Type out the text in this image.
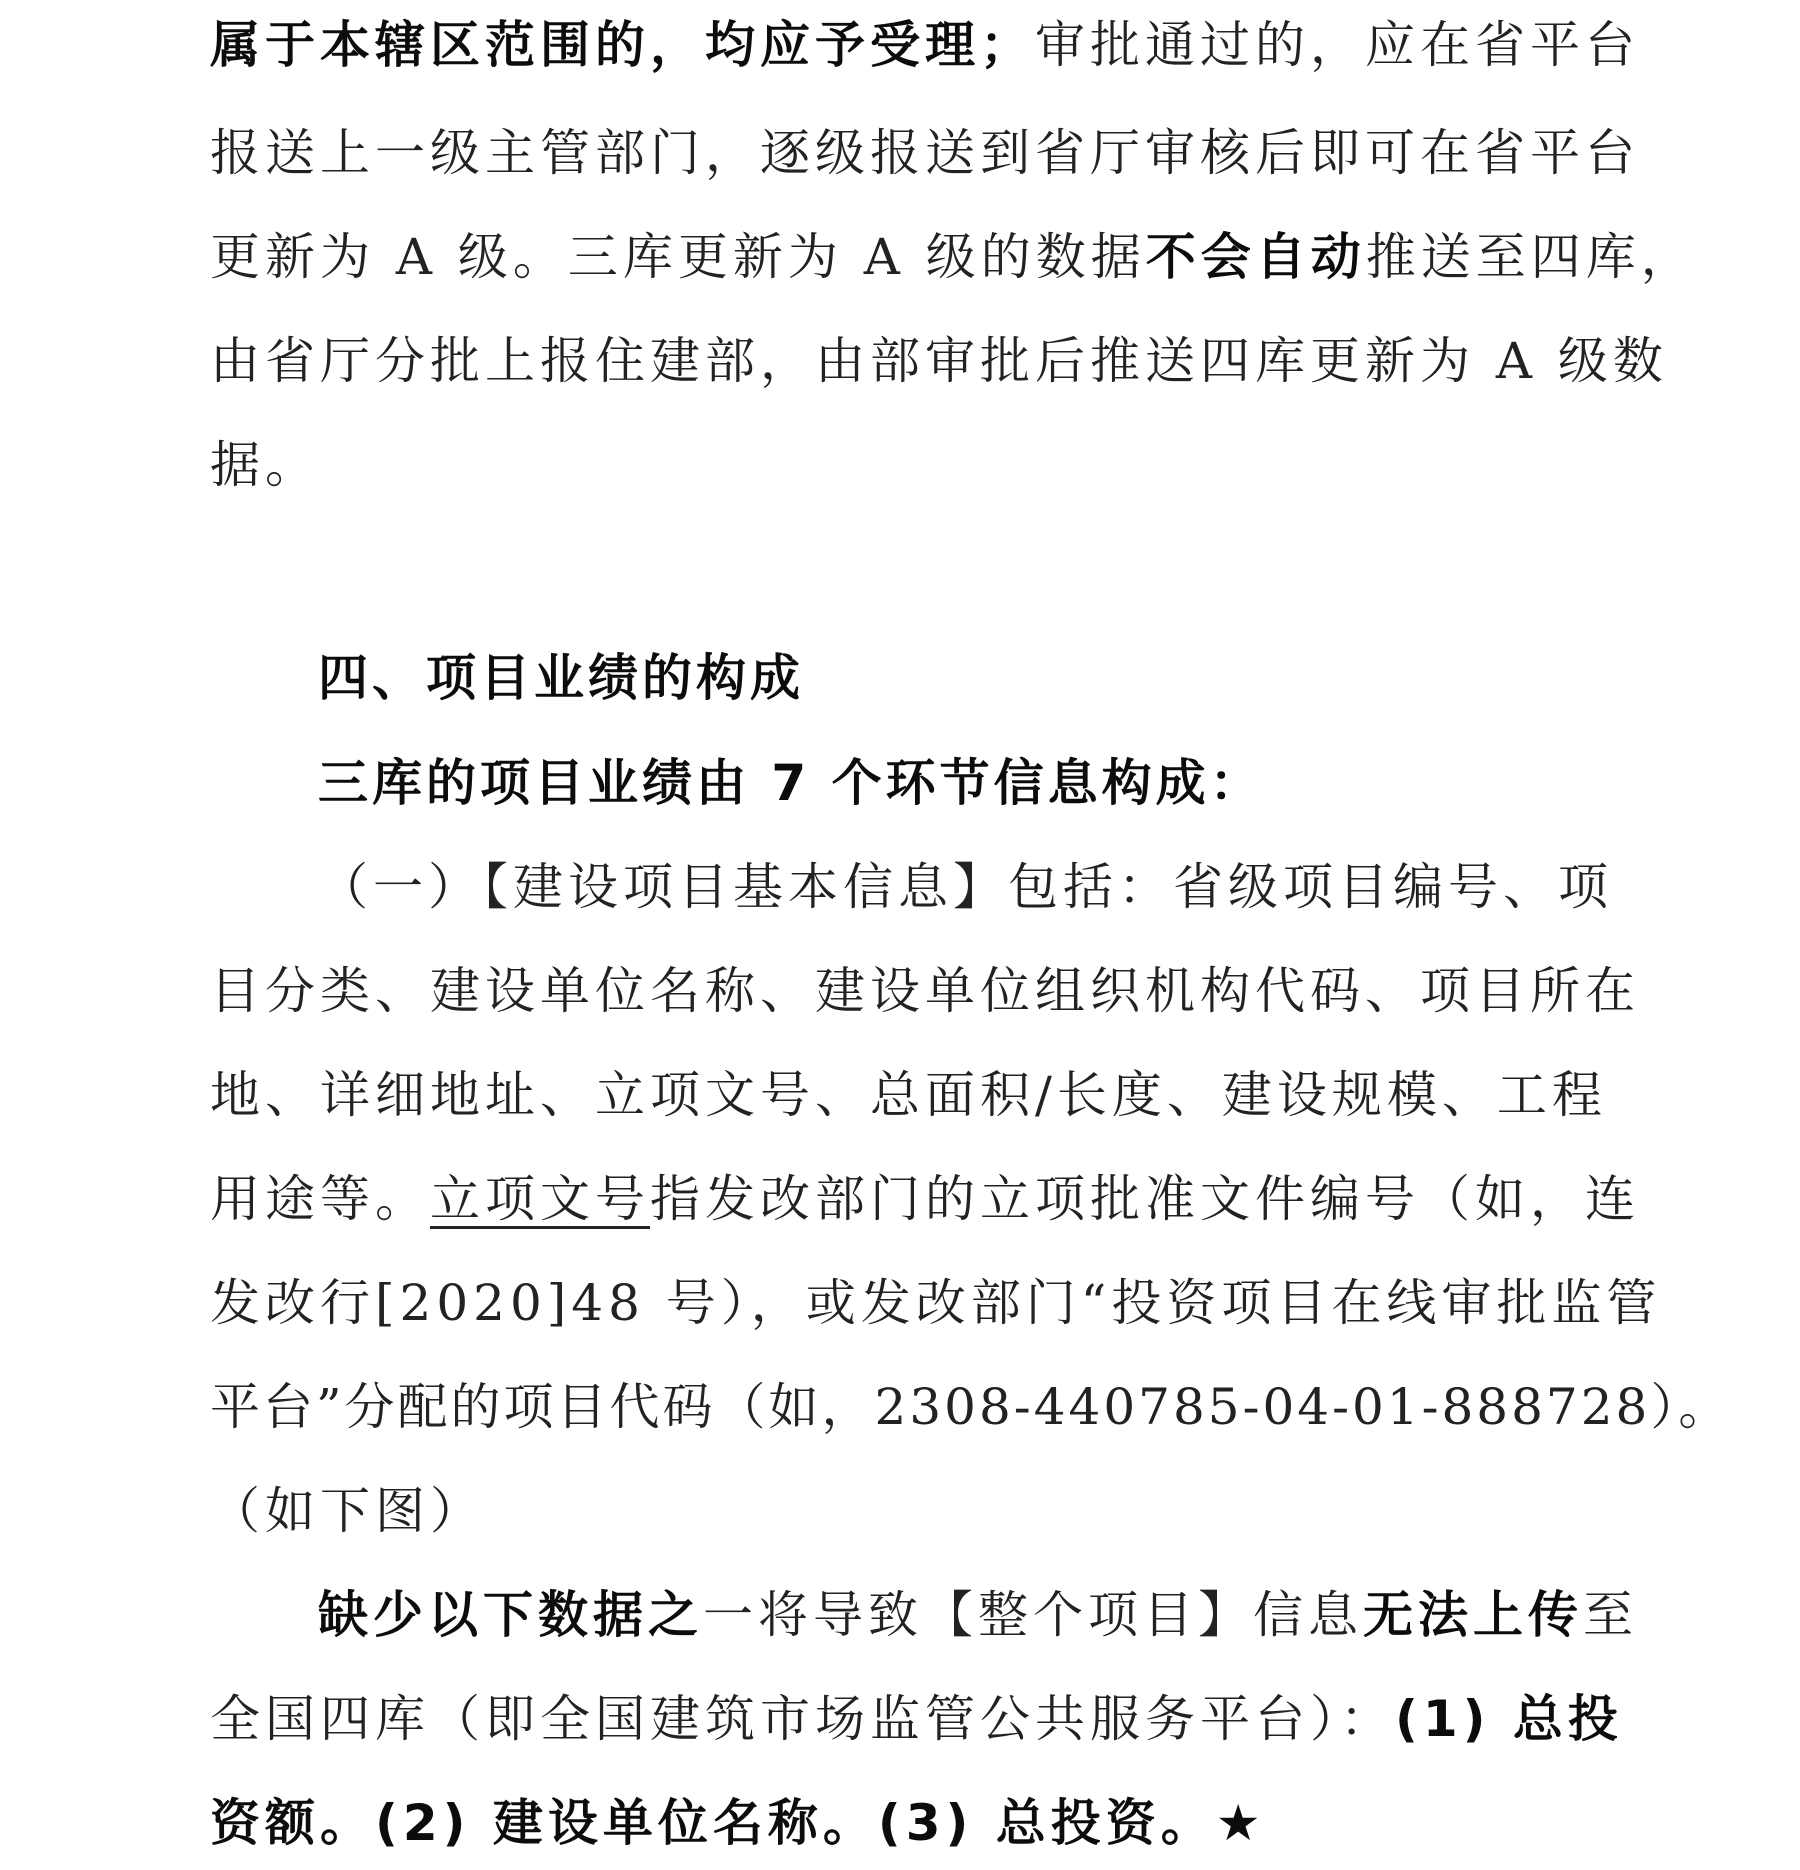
属于本辖区范围的，均应予受理；审批通过的，应在省平台
报送上一级主管部门，逐级报送到省厅审核后即可在省平台
更新为 A 级。三库更新为 A 级的数据不会自动推送至四库，
由省厅分批上报住建部，由部审批后推送四库更新为 A 级数
据。
四、项目业绩的构成
三库的项目业绩由 7 个环节信息构成：
（一）【建设项目基本信息】包括：省级项目编号、项
目分类、建设单位名称、建设单位组织机构代码、项目所在
地、详细地址、立项文号、总面积/长度、建设规模、工程
用途等。立项文号指发改部门的立项批准文件编号（如，连
发改行[2020]48 号），或发改部门“投资项目在线审批监管
平台”分配的项目代码（如，2308-440785-04-01-888728）。
（如下图）
缺少以下数据之一将导致【整个项目】信息无法上传至
全国四库（即全国建筑市场监管公共服务平台）：(1) 总投
资额。(2) 建设单位名称。(3) 总投资。★
